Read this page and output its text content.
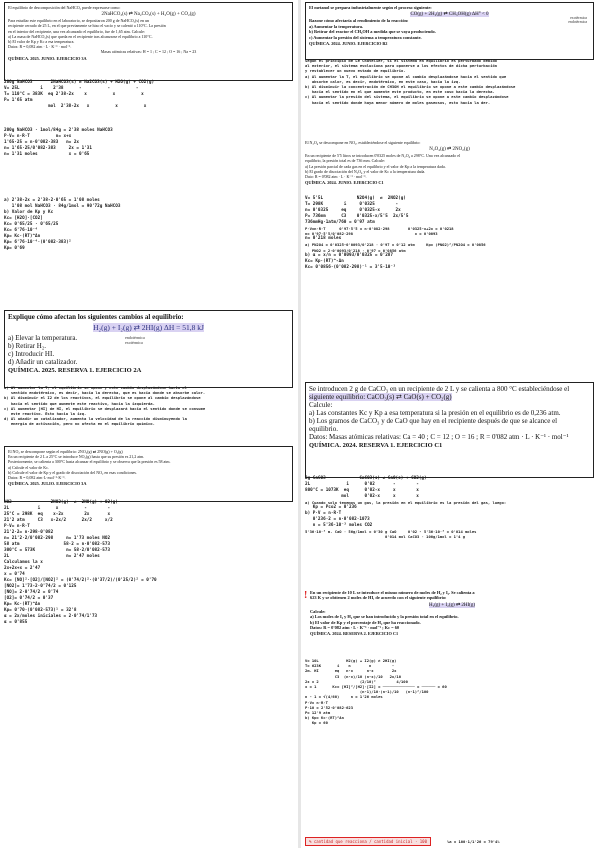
El equilibrio de descomposición del NaHCO₃ puede expresarse como:

2NaHCO₃(s) ⇄ Na₂CO₃(s) + H₂O(g) + CO₂(g)

Para estudiar este equilibrio en el laboratorio, se depositaron 200 g de NaHCO₃(s) en un

recipiente cerrado de 25 L, en el que previamente se hizo el vacío y se calentó a 110°C. La presión

en el interior del recipiente, una vez alcanzado el equilibrio, fue de 1,65 atm. Calcule:

a) La masa de NaHCO₃(s) que queda en el recipiente tras alcanzarse el equilibrio a 110°C.

b) El valor de Kp y Kc a esa temperatura.

Datos: R = 0,082 atm · L · K⁻¹ · mol⁻¹.

Masas atómicas relativas: H = 1 ; C = 12 ; O = 16 ; Na = 23

QUÍMICA. 2025. JUNIO. EJERCICIO 3A

200g NaHCO3       2NaHCO3(s) ⇄ Na2CO3(s) + H2O(g) + CO2(g)
V= 25L        i    2'38      -          -          -
T= 110°C = 383K  eq 2'38-2x    x          x          x
P= 1'65 atm
mol  2'38-2x   x          x          x
200g NaHCO3 · 1mol/84g = 2'38 moles NaHCO3
P·V= n·R·T          n= x+x
1'65·25 = n·0'082·383   n= 2x
n= 1'65·25/0'082·383     2x = 1'31
n= 1'31 moles            x = 0'65
a) 2'38-2x = 2'38-2·0'65 = 1'08 moles
1'08 mol NaHCO3 · 84g/1mol = 90'72g NaHCO3
b) Valor de Kp y Kc
Kc= [H2O]·[CO2]
Kc= 0'65/25 · 0'65/25
Kc= 6'76·10⁻⁴
Kp= Kc·(RT)^Δn
Kp= 6'76·10⁻⁴·(0'082·383)²
Kp= 0'69

Explique cómo afectan los siguientes cambios al equilibrio:

H₂(g) + I₂(g) ⇄ 2HI(g) ΔH = 51,8 kJ

endotérmica
exotérmica

a) Elevar la temperatura.

b) Retirar H₂.

c) Introducir HI.

d) Añadir un catalizador.

QUÍMICA. 2025. RESERVA 1. EJERCICIO 2A

a) Al aumentar la T, el equilibrio se opone y este cambio desplazándose hacia el
sentido endotérmico, es decir, hacia la derecha, que es hacia donde se absorbe calor.
b) Al disminuir el I2 de los reactivos, el equilibrio se opone al cambio desplazándose
hacia el sentido que aumente este reactivo, hacia la izquierda.
c) Al aumentar [HI] de HI, el equilibrio se desplazará hacia el sentido donde se consume
este reactivo. Esto hacia la izq.
d) Al añadir un catalizador, aumenta la velocidad de la reacción disminuyendo la
energía de activación, pero no afecta en el equilibrio químico.

El NO₂ se descompone según el equilibrio: 2NO₂(g) ⇄ 2NO(g) + O₂(g)

En un recipiente de 2 L a 25°C se introduce NO₂(g) hasta que su presión es 21,2 atm.

Posteriormente, se calienta a 300°C hasta alcanzar el equilibrio y se observa que la presión es 58 atm.

a) Calcule el valor de Kc.

b) Calcule el valor de Kp y el grado de disociación del NO₂ en esas condiciones.

Datos: R = 0,082 atm·L·mol⁻¹·K⁻¹.

QUÍMICA. 2025. JULIO. EJERCICIO 3A

NO2               2NO2(g)  ⇄  2NO(g) + O2(g)
2L           i      x          -        -
25°C = 298K  eq    x-2x        2x       x
21'2 atm     C3   x-2x/2      2x/2     x/2
P·V= n·R·T
21'2·2= n·298·0'082
n= 21'2·2/0'082·298     n= 1'73 moles NO2
58 atm                 58·2 = n·0'082·573
300°C = 573K            n= 58·2/0'082·573
2L                      n= 2'47 moles
Calculamos la x
2x+2x+x = 2'47
x = 0'74
Kc= [NO]²·[O2]/[NO2]² = (0'74/2)²·(0'37/2)/(0'25/2)² = 0'70
[NO2]= 1'73-2·0'74/2 = 0'125
[NO]= 2·0'74/2 = 0'74
[O2]= 0'74/2 = 0'37
Kp= Kc·(RT)^Δn
Kp= 0'70·(0'082·573)¹ = 32'8
α = 2x/moles iniciales = 2·0'74/1'73
α = 0'855

El metanol se prepara industrialmente según el proceso siguiente:

CO(g) + 2H₂(g) ⇄ CH₃OH(g) ΔH° < 0

exotérmica
endotérmica

Razone cómo afectaría al rendimiento de la reacción:

a) Aumentar la temperatura.

b) Retirar del reactor el CH₃OH a medida que se vaya produciendo.

c) Aumentar la presión del sistema a temperatura constante.

QUÍMICA. 2024. JUNIO. EJERCICIO B2

Según el principio de Le Chatelier, si el sistema en equilibrio es perturbado debido
al exterior, el sistema evoluciona para oponerse a los efectos de dicha perturbación
y restablecer un nuevo estado de equilibrio.
a) Al aumentar la T, el equilibrio se opone al cambio desplazándose hacia el sentido que
absorbe calor, es decir, endotérmico, en este caso, hacia la izq.
b) Al disminuir la concentración de CH3OH el equilibrio se opone a este cambio desplazándose
hacia el sentido en el que aumente este producto, en este caso hacia la derecha.
c) Al aumentar la presión del sistema, el equilibrio se opone a este cambio desplazándose
hacia el sentido donde haya menor número de moles gaseosos, esto hacia la der.

El N₂O₄ se descompone en NO₂, estableciéndose el siguiente equilibrio:

N₂O₄(g) ⇄ 2NO₂(g)

En un recipiente de 5'5 litros se introducen 0'0325 moles de N₂O₄ a 298°C. Una vez alcanzado el

equilibrio, la presión total es de 736 mm. Calcule:

a) La presión parcial de cada gas en el equilibrio y el valor de Kp a la temperatura dada.

b) El grado de disociación del N₂O₄ y el valor de Kc a la temperatura dada.

Dato: R = 0'082 atm · L · K⁻¹ · mol⁻¹.

QUÍMICA. 2024. JUNIO. EJERCICIO C1

V= 5'5L             N2O4(g)  ⇄  2NO2(g)
T= 298K        i     0'0325        -
n= 0'0325     eq     0'0325-x      2x
P= 736mm      C3    0'0325-x/5'5  2x/5'5
736mmHg·1atm/760 = 0'97 atm
P·V=n·R·T      0'97·5'5 = n·0'082·298        0'0325-x+2x = 0'0218
n= 0'97·5'5/0'082·298                           x = 0'0093
n= 0'218 moles
a) PN2O4 = 0'0325-0'0093/0'218 · 0'97 = 0'12 atm     Kp= (PNO2)²/PN2O4 = 0'0856
PNO2 = 2·0'0093/0'218 · 0'97 = 0'0856 atm
b) α = x/n = 0'0093/0'0325 = 0'287
Kc= Kp·(RT)^-Δn
Kc= 0'0856·(0'082·298)⁻¹ = 3'5·10⁻³

Se introducen 2 g de CaCO₃ en un recipiente de 2 L y se calienta a 800 °C estableciéndose el

siguiente equilibrio: CaCO₃(s) ⇄ CaO(s) + CO₂(g)

Calcule:

a) Las constantes Kc y Kp a esa temperatura si la presión en el equilibrio es de 0,236 atm.

b) Los gramos de CaCO₃ y de CaO que hay en el recipiente después de que se alcance el

equilibrio.

Datos: Masas atómicas relativas: Ca = 40 ; C = 12 ; O = 16 ; R = 0'082 atm · L · K⁻¹ · mol⁻¹

QUÍMICA. 2024. RESERVA 1. EJERCICIO C1

2g CaCO3             CaCO3(s) ⇄ CaO(s) + CO2(g)
2L              i      0'02       -        -
800°C = 1073K  eq      0'02-x     x        x
mol      0'02-x     x        x
a) Cuando solo tenemos un gas, la presión en el equilibrio es la presión del gas, luego:
Kp = Pco2 = 0'236
b) P·V = n·R·T
0'236·2 = n·0'082·1073
n = 5'36·10⁻³ moles CO2
5'36·10⁻³ m. CaO · 56g/1mol = 0'30 g CaO     0'02 - 5'36·10⁻³ = 0'014 moles
0'014 mol CaCO3 · 100g/1mol = 1'4 g
! En un recipiente de 10 L se introduce el mismo número de moles de H₂ y I₂. Se calienta a

623 K y se obtienen 2 moles de HI, de acuerdo con el siguiente equilibrio:

H₂(g) + I₂(g) ⇄ 2HI(g)

Calcule:

a) Los moles de I₂ y H₂ que se han introducido y la presión total en el equilibrio.

b) El valor de Kp y el porcentaje de H₂ que ha reaccionado.

Datos: R = 0'082 atm · L · K⁻¹ · mol⁻¹ ; Kc = 60

QUÍMICA. 2024. RESERVA 2. EJERCICIO C1

V= 10L            H2(g) + I2(g) ⇄ 2HI(g)
T= 623K       i    n        n         -
2m. HI       eq   n-x      n-x        2x
C3  (n-x)/10 (n-x)/10   2x/10
2x = 2                  (2/10)²         4/100
x = 1       Kc= [HI]²/[H2]·[I2] = ────────────── = ────── = 60
(n-1)/10·(n-1)/10   (n-1)²/100
n - 1 = √(4/60)     n = 1'26 moles
P·V= n·R·T
P·10 = 2'52·0'082·623
P= 12'9 atm
b) Kp= Kc·(RT)^Δn
Kp = 60
% cantidad que reacciona / cantidad inicial · 100	%a = 100·1/1'26 = 79'4%
